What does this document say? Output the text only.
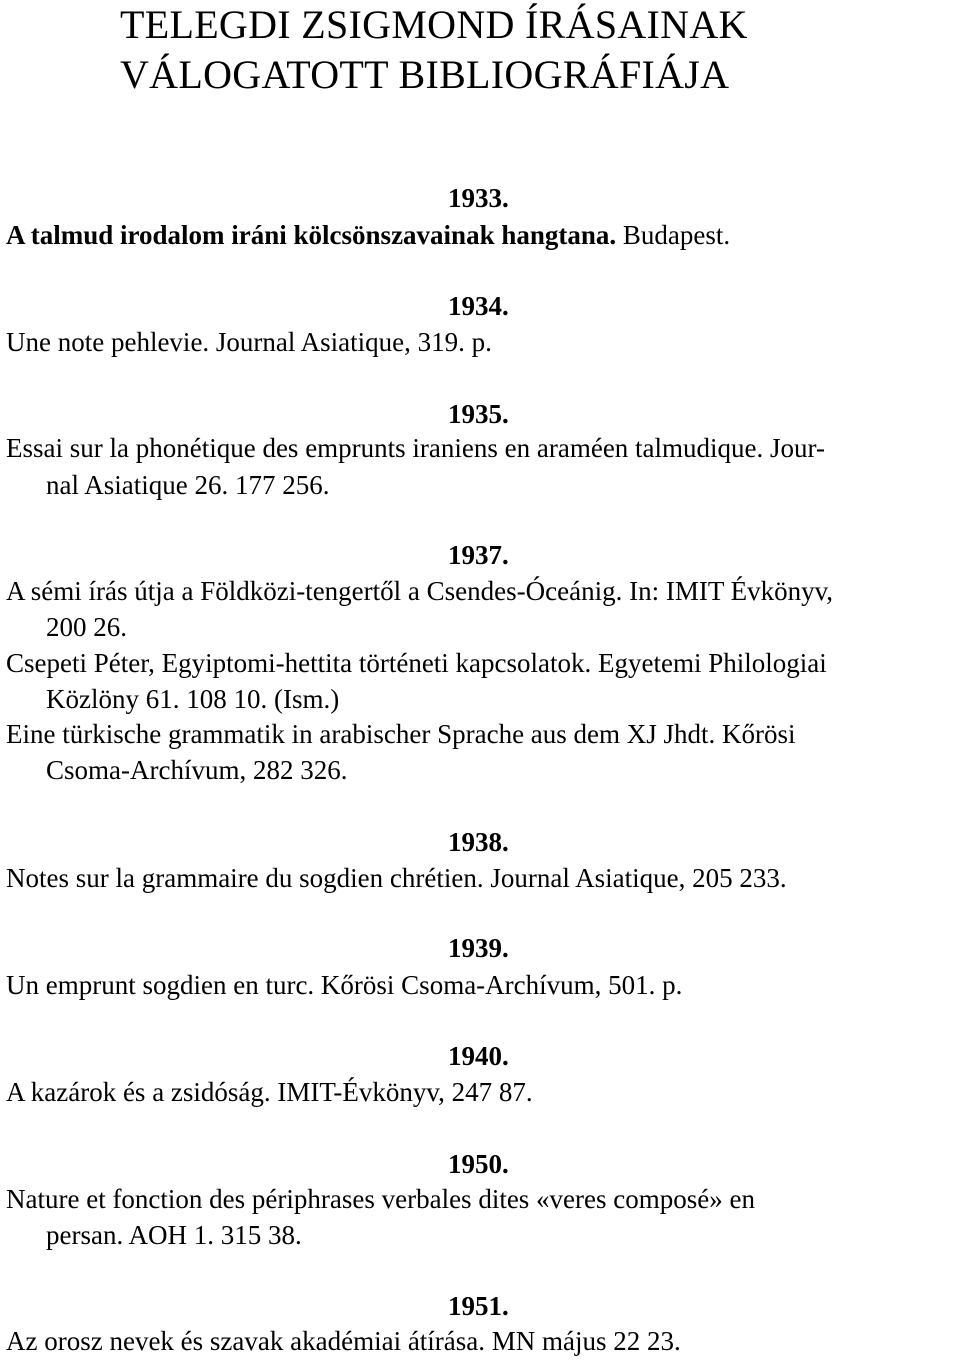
TELEGDI ZSIGMOND ÍRÁSAINAK
VÁLOGATOTT BIBLIOGRÁFIÁJA
1933.
A talmud irodalom iráni kölcsönszavainak hangtana. Budapest.
1934.
Une note pehlevie. Journal Asiatique, 319. p.
1935.
Essai sur la phonétique des emprunts iraniens en araméen talmudique. Jour-
nal Asiatique 26. 177 256.
1937.
A sémi írás útja a Földközi-tengertől a Csendes-Óceánig. In: IMIT Évkönyv,
200 26.
Csepeti Péter, Egyiptomi-hettita történeti kapcsolatok. Egyetemi Philologiai
Közlöny 61. 108 10. (Ism.)
Eine türkische grammatik in arabischer Sprache aus dem XJ Jhdt. Kőrösi
Csoma-Archívum, 282 326.
1938.
Notes sur la grammaire du sogdien chrétien. Journal Asiatique, 205 233.
1939.
Un emprunt sogdien en turc. Kőrösi Csoma-Archívum, 501. p.
1940.
A kazárok és a zsidóság. IMIT-Évkönyv, 247 87.
1950.
Nature et fonction des périphrases verbales dites «veres composé» en
persan. AOH 1. 315 38.
1951.
Az orosz nevek és szavak akadémiai átírása. MN május 22 23.
